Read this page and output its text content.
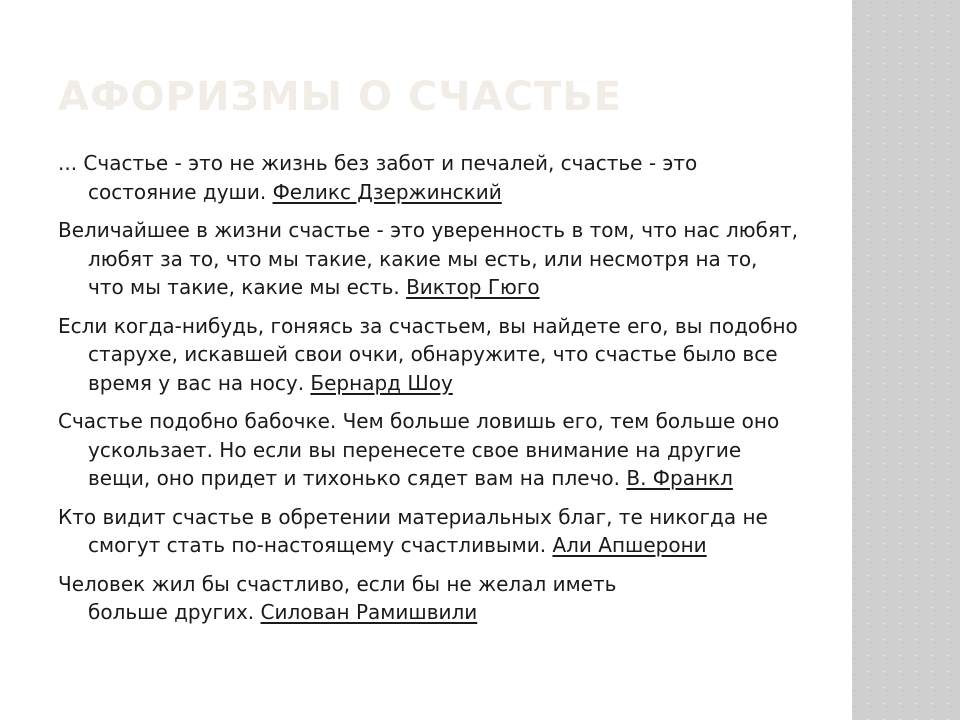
АФОРИЗМЫ О СЧАСТЬЕ

... Счастье - это не жизнь без забот и печалей, счастье - это состояние души. Феликс Дзержинский

Величайшее в жизни счастье - это уверенность в том, что нас любят, любят за то, что мы такие, какие мы есть, или несмотря на то, что мы такие, какие мы есть. Виктор Гюго

Если когда-нибудь, гоняясь за счастьем, вы найдете его, вы подобно старухе, искавшей свои очки, обнаружите, что счастье было все время у вас на носу. Бернард Шоу

Счастье подобно бабочке. Чем больше ловишь его, тем больше оно ускользает. Но если вы перенесете свое внимание на другие вещи, оно придет и тихонько сядет вам на плечо. В. Франкл

Кто видит счастье в обретении материальных благ, те никогда не смогут стать по-настоящему счастливыми. Али Апшерони

Человек жил бы счастливо, если бы не желал иметь больше других. Силован Рамишвили
